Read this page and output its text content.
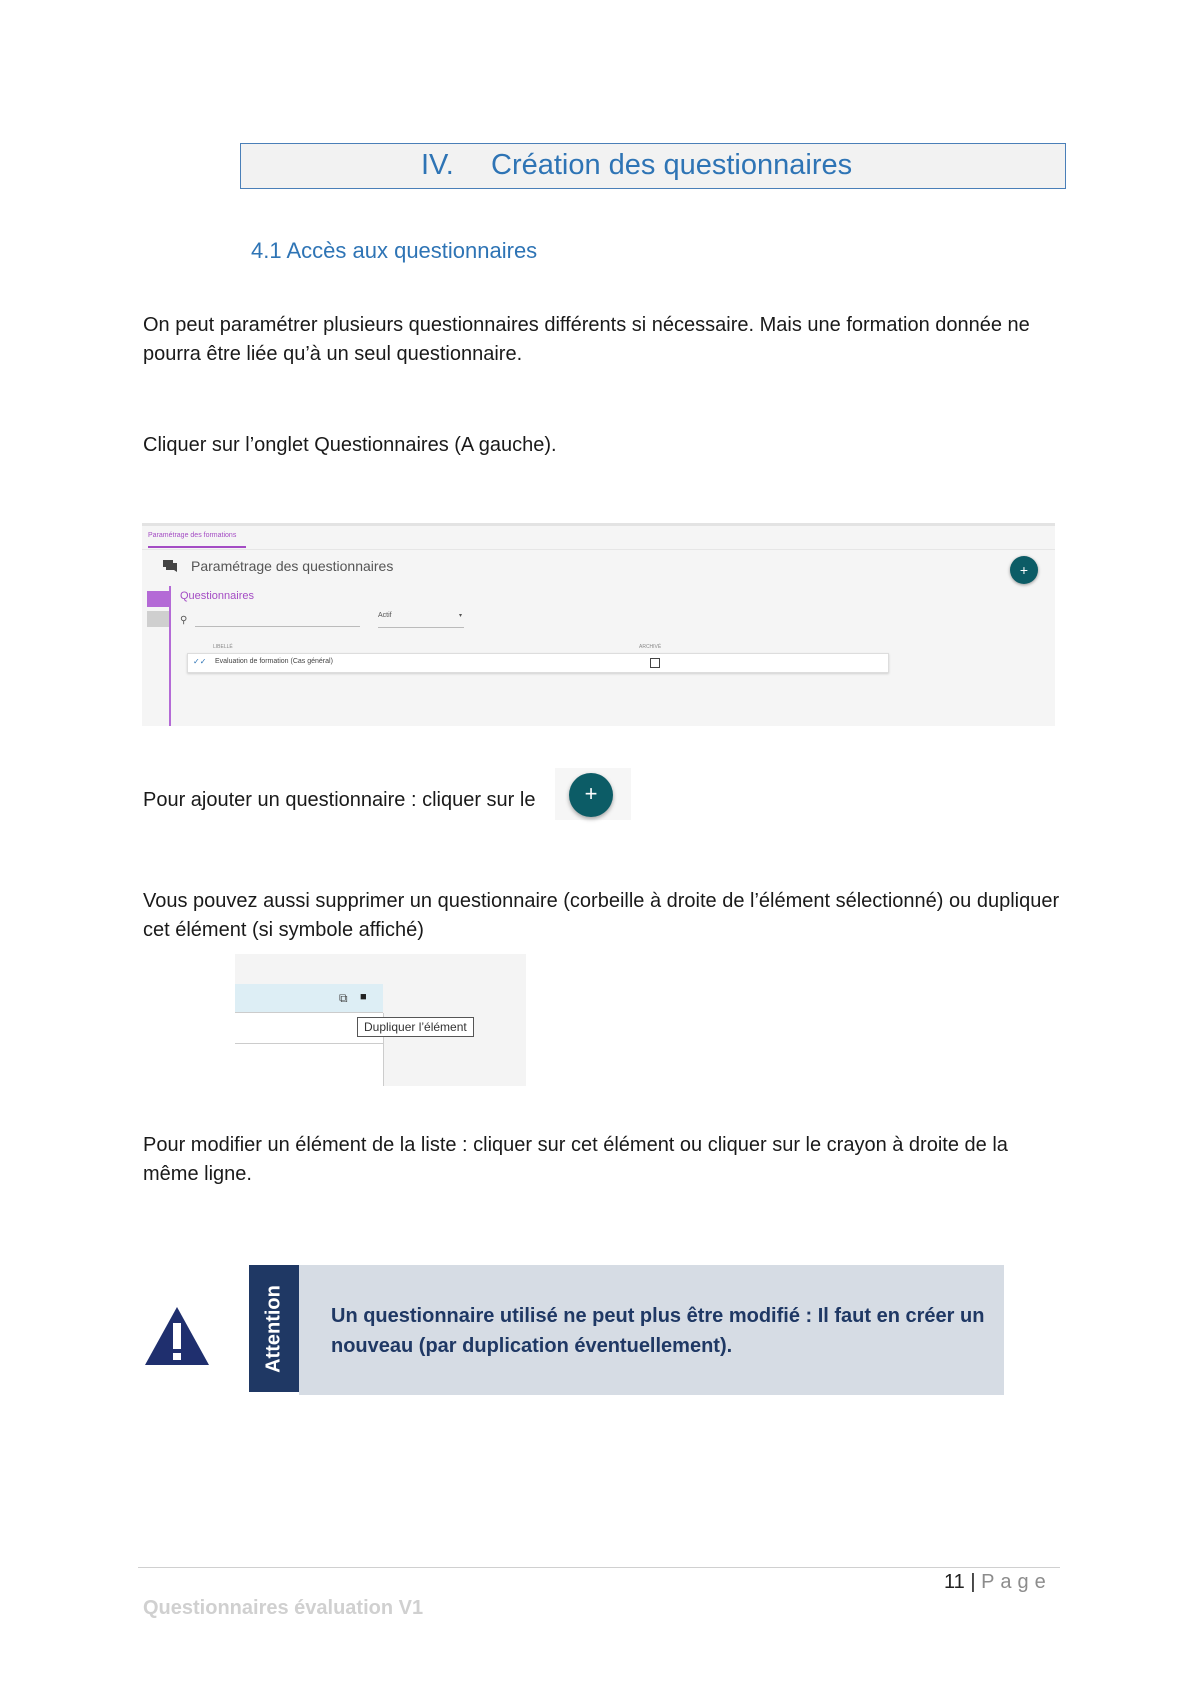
IV. Création des questionnaires
4.1 Accès aux questionnaires
On peut paramétrer plusieurs questionnaires différents si nécessaire. Mais une formation donnée ne pourra être liée qu’à un seul questionnaire.
Cliquer sur l’onglet Questionnaires (A gauche).
Paramétrage des formations
Paramétrage des questionnaires	+
Questionnaires
⚲	Actif	▾
LIBELLÉ	ARCHIVÉ
✓✓ Evaluation de formation (Cas général)
Pour ajouter un questionnaire : cliquer sur le	+
Vous pouvez aussi supprimer un questionnaire (corbeille à droite de l’élément sélectionné) ou dupliquer cet élément (si symbole affiché)
⧉ ■
Dupliquer l’élément
Pour modifier un élément de la liste : cliquer sur cet élément ou cliquer sur le crayon à droite de la même ligne.
Attention Un questionnaire utilisé ne peut plus être modifié : Il faut en créer un nouveau (par duplication éventuellement).
11 | Page
Questionnaires évaluation V1
